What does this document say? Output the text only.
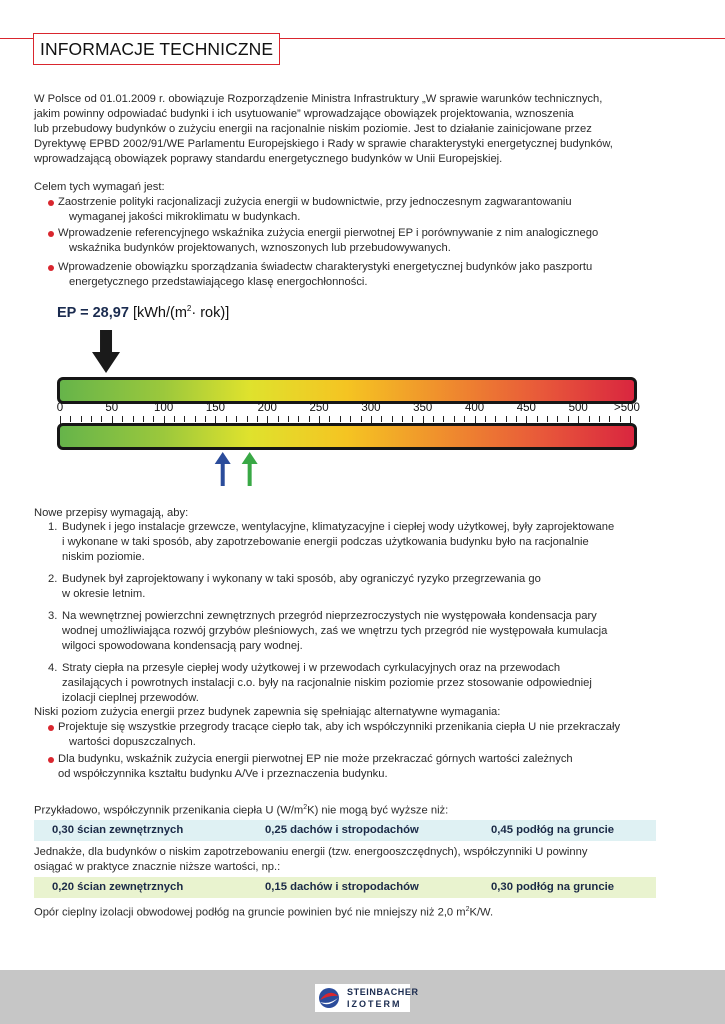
INFORMACJE TECHNICZNE
W Polsce od 01.01.2009 r. obowiązuje Rozporządzenie Ministra Infrastruktury „W sprawie warunków technicznych,
jakim powinny odpowiadać budynki i ich usytuowanie” wprowadzające obowiązek projektowania, wznoszenia
lub przebudowy budynków o zużyciu energii na racjonalnie niskim poziomie. Jest to działanie zainicjowane przez
Dyrektywę EPBD 2002/91/WE Parlamentu Europejskiego i Rady w sprawie charakterystyki energetycznej budynków,
wprowadzającą obowiązek poprawy standardu energetycznego budynków w Unii Europejskiej.
Celem tych wymagań jest:
Zaostrzenie polityki racjonalizacji zużycia energii w budownictwie, przy jednoczesnym zagwarantowaniu
wymaganej jakości mikroklimatu w budynkach.
Wprowadzenie referencyjnego wskaźnika zużycia energii pierwotnej EP i porównywanie z nim analogicznego
wskaźnika budynków projektowanych, wznoszonych lub przebudowywanych.
Wprowadzenie obowiązku sporządzania świadectw charakterystyki energetycznej budynków jako paszportu
energetycznego przedstawiającego klasę energochłonności.
EP = 28,97 $[kWh/(m^2\cdot rok)]$
0	50	100	150	200	250	300	350	400	450	500 >500
Nowe przepisy wymagają, aby:
1. Budynek i jego instalacje grzewcze, wentylacyjne, klimatyzacyjne i ciepłej wody użytkowej, były zaprojektowane
i wykonane w taki sposób, aby zapotrzebowanie energii podczas użytkowania budynku było na racjonalnie
niskim poziomie.
2. Budynek był zaprojektowany i wykonany w taki sposób, aby ograniczyć ryzyko przegrzewania go
w okresie letnim.
3. Na wewnętrznej powierzchni zewnętrznych przegród nieprzezroczystych nie występowała kondensacja pary
wodnej umożliwiająca rozwój grzybów pleśniowych, zaś we wnętrzu tych przegród nie występowała kumulacja
wilgoci spowodowana kondensacją pary wodnej.
4. Straty ciepła na przesyle ciepłej wody użytkowej i w przewodach cyrkulacyjnych oraz na przewodach
zasilających i powrotnych instalacji c.o. były na racjonalnie niskim poziomie przez stosowanie odpowiedniej
izolacji cieplnej przewodów.
Niski poziom zużycia energii przez budynek zapewnia się spełniając alternatywne wymagania:
Projektuje się wszystkie przegrody tracące ciepło tak, aby ich współczynniki przenikania ciepła U nie przekraczały
wartości dopuszczalnych.
Dla budynku, wskaźnik zużycia energii pierwotnej EP nie może przekraczać górnych wartości zależnych
od współczynnika kształtu budynku A/Ve i przeznaczenia budynku.
Przykładowo, współczynnik przenikania ciepła U $(W/m^2K)$ nie mogą być wyższe niż:
0,30 ścian zewnętrznych	0,25 dachów i stropodachów	0,45 podłóg na gruncie
Jednakże, dla budynków o niskim zapotrzebowaniu energii (tzw. energooszczędnych), współczynniki U powinny
osiągać w praktyce znacznie niższe wartości, np.:
0,20 ścian zewnętrznych	0,15 dachów i stropodachów	0,30 podłóg na gruncie
Opór cieplny izolacji obwodowej podłóg na gruncie powinien być nie mniejszy niż 2,0 $m^2K/W$.
STEINBACHER
IZOTERM
